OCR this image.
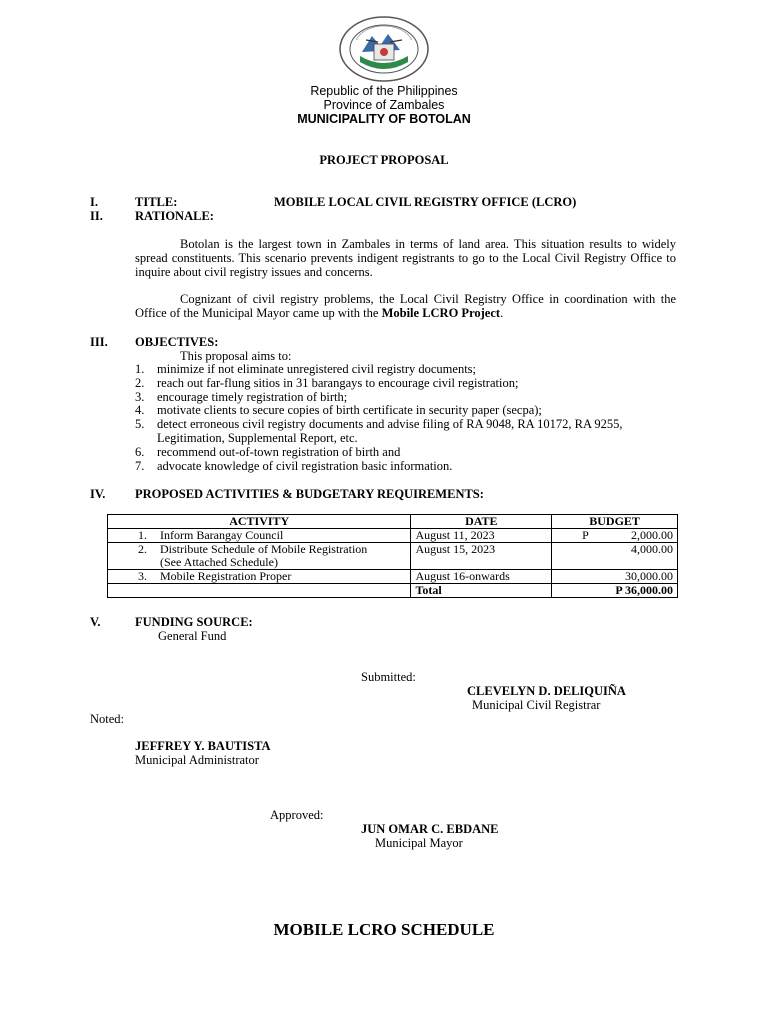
Republic of the Philippines
Province of Zambales
MUNICIPALITY OF BOTOLAN
PROJECT PROPOSAL
I.	TITLE:	MOBILE LOCAL CIVIL REGISTRY OFFICE (LCRO)
II.	RATIONALE:
Botolan is the largest town in Zambales in terms of land area. This situation results to widely spread constituents. This scenario prevents indigent registrants to go to the Local Civil Registry Office to inquire about civil registry issues and concerns.
Cognizant of civil registry problems, the Local Civil Registry Office in coordination with the Office of the Municipal Mayor came up with the Mobile LCRO Project.
III. OBJECTIVES:
This proposal aims to:
1. minimize if not eliminate unregistered civil registry documents;
2. reach out far-flung sitios in 31 barangays to encourage civil registration;
3. encourage timely registration of birth;
4. motivate clients to secure copies of birth certificate in security paper (secpa);
5. detect erroneous civil registry documents and advise filing of RA 9048, RA 10172, RA 9255,
Legitimation, Supplemental Report, etc.
6. recommend out-of-town registration of birth and
7. advocate knowledge of civil registration basic information.
IV. PROPOSED ACTIVITIES & BUDGETARY REQUIREMENTS:
ACTIVITY	DATE	BUDGET
1. Inform Barangay Council	August 11, 2023	P 2,000.00

2. Distribute Schedule of Mobile Registration
(See Attached Schedule)	August 15, 2023	4,000.00
3. Mobile Registration Proper	August 16-onwards	30,000.00
	Total	P 36,000.00
V.	FUNDING SOURCE:
General Fund
Submitted:
CLEVELYN D. DELIQUIÑA
Municipal Civil Registrar
Noted:
JEFFREY Y. BAUTISTA
Municipal Administrator
Approved:
JUN OMAR C. EBDANE
Municipal Mayor
MOBILE LCRO SCHEDULE
